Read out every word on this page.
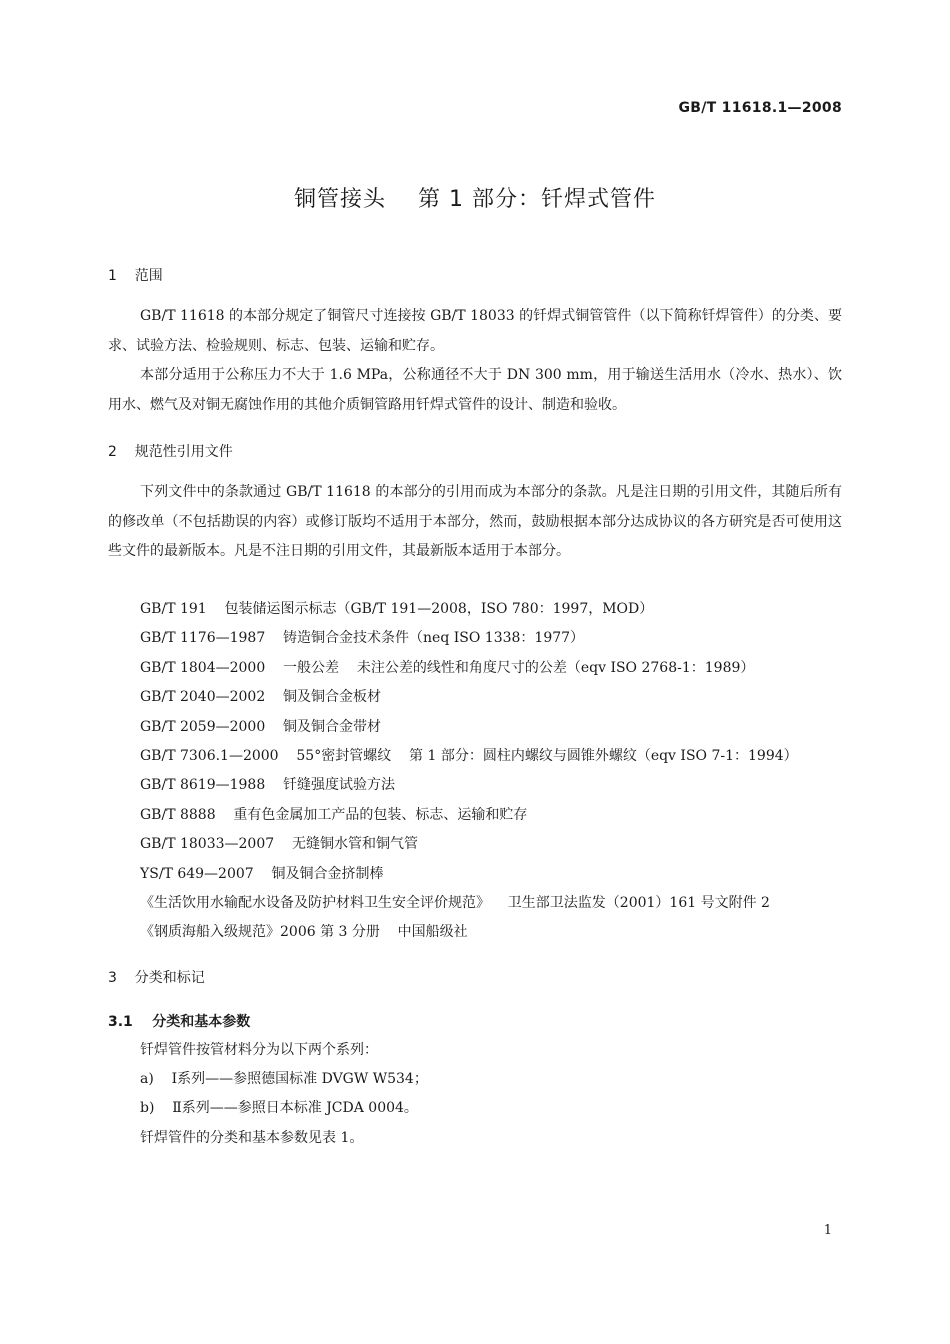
GB/T 11618.1—2008
铜管接头    第 1 部分：钎焊式管件
1    范围

GB/T 11618 的本部分规定了铜管尺寸连接按 GB/T 18033 的钎焊式铜管管件（以下简称钎焊管件）的分类、要求、试验方法、检验规则、标志、包装、运输和贮存。

本部分适用于公称压力不大于 1.6 MPa，公称通径不大于 DN 300 mm，用于输送生活用水（冷水、热水）、饮用水、燃气及对铜无腐蚀作用的其他介质铜管路用钎焊式管件的设计、制造和验收。

2    规范性引用文件

下列文件中的条款通过 GB/T 11618 的本部分的引用而成为本部分的条款。凡是注日期的引用文件，其随后所有的修改单（不包括勘误的内容）或修订版均不适用于本部分，然而，鼓励根据本部分达成协议的各方研究是否可使用这些文件的最新版本。凡是不注日期的引用文件，其最新版本适用于本部分。

GB/T 191    包装储运图示标志（GB/T 191—2008，ISO 780：1997，MOD）
GB/T 1176—1987    铸造铜合金技术条件（neq ISO 1338：1977）
GB/T 1804—2000    一般公差    未注公差的线性和角度尺寸的公差（eqv ISO 2768-1：1989）
GB/T 2040—2002    铜及铜合金板材
GB/T 2059—2000    铜及铜合金带材
GB/T 7306.1—2000    55°密封管螺纹    第 1 部分：圆柱内螺纹与圆锥外螺纹（eqv ISO 7-1：1994）
GB/T 8619—1988    钎缝强度试验方法
GB/T 8888    重有色金属加工产品的包装、标志、运输和贮存
GB/T 18033—2007    无缝铜水管和铜气管
YS/T 649—2007    铜及铜合金挤制棒
《生活饮用水输配水设备及防护材料卫生安全评价规范》    卫生部卫法监发（2001）161 号文附件 2
《钢质海船入级规范》2006 第 3 分册    中国船级社
3    分类和标记
3.1    分类和基本参数
钎焊管件按管材料分为以下两个系列：
a)    Ⅰ系列——参照德国标准 DVGW W534；
b)    Ⅱ系列——参照日本标准 JCDA 0004。
钎焊管件的分类和基本参数见表 1。
1
